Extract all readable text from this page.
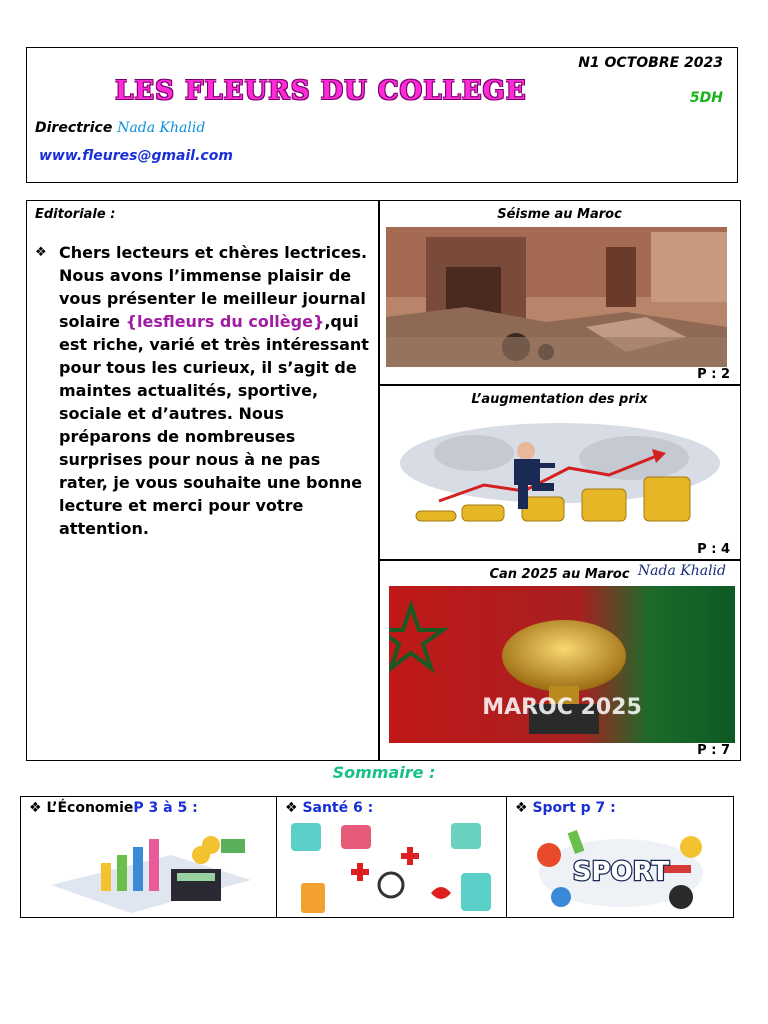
LES FLEURS DU COLLEGE
N1 OCTOBRE 2023
5DH
Directrice Nada Khalid
www.fleures@gmail.com
Editoriale :
❖ Chers lecteurs et chères lectrices. Nous avons l’immense plaisir de vous présenter le meilleur journal solaire {lesfleurs du collège},qui est riche, varié et très intéressant pour tous les curieux, il s’agit de maintes actualités, sportive, sociale et d’autres. Nous préparons de nombreuses surprises pour nous à ne pas rater, je vous souhaite une bonne lecture et merci pour votre attention.
Nada Khalid
Séisme au Maroc
P : 2
L’augmentation des prix
P : 4
Can 2025 au Maroc
MAROC 2025
P : 7
Sommaire :
❖ L’ÉconomieP 3 à 5 :	❖ Santé 6 :	❖ Sport p 7 :
SPORT
